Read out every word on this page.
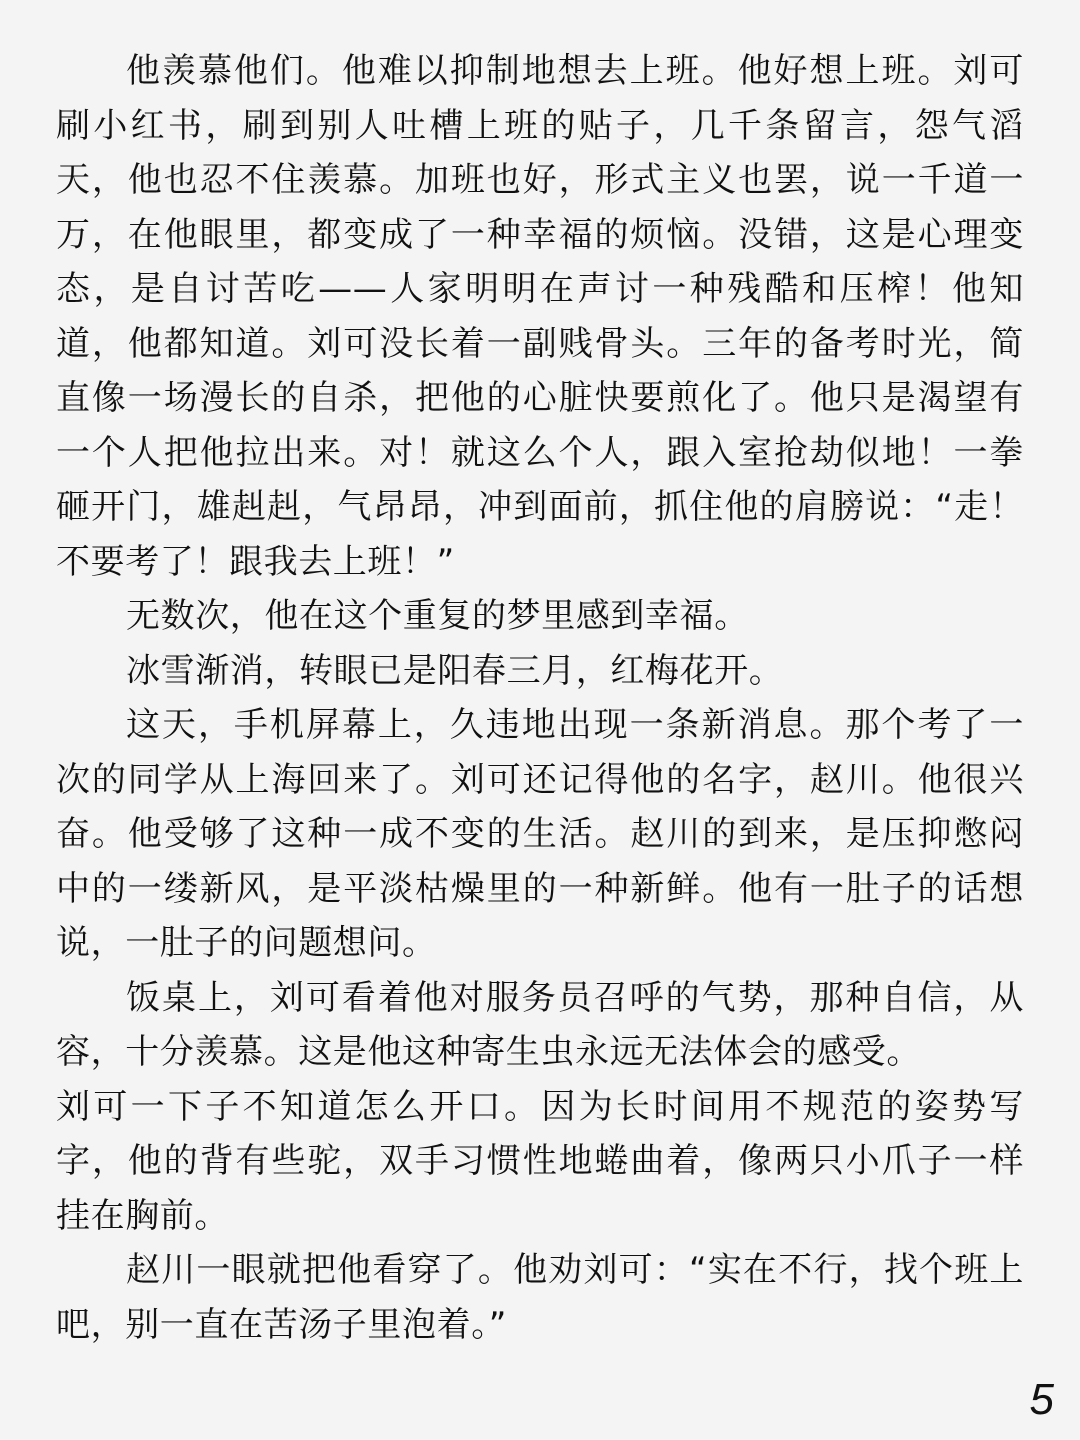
他羡慕他们。他难以抑制地想去上班。他好想上班。刘可刷小红书，刷到别人吐槽上班的贴子，几千条留言，怨气滔天，他也忍不住羡慕。加班也好，形式主义也罢，说一千道一万，在他眼里，都变成了一种幸福的烦恼。没错，这是心理变态，是自讨苦吃——人家明明在声讨一种残酷和压榨！他知道，他都知道。刘可没长着一副贱骨头。三年的备考时光，简直像一场漫长的自杀，把他的心脏快要煎化了。他只是渴望有一个人把他拉出来。对！就这么个人，跟入室抢劫似地！一拳砸开门，雄赳赳，气昂昂，冲到面前，抓住他的肩膀说：“走！不要考了！跟我去上班！”

无数次，他在这个重复的梦里感到幸福。

冰雪渐消，转眼已是阳春三月，红梅花开。

这天，手机屏幕上，久违地出现一条新消息。那个考了一次的同学从上海回来了。刘可还记得他的名字，赵川。他很兴奋。他受够了这种一成不变的生活。赵川的到来，是压抑憋闷中的一缕新风，是平淡枯燥里的一种新鲜。他有一肚子的话想说，一肚子的问题想问。

饭桌上，刘可看着他对服务员召呼的气势，那种自信，从容，十分羡慕。这是他这种寄生虫永远无法体会的感受。

刘可一下子不知道怎么开口。因为长时间用不规范的姿势写字，他的背有些驼，双手习惯性地蜷曲着，像两只小爪子一样挂在胸前。

赵川一眼就把他看穿了。他劝刘可：“实在不行，找个班上吧，别一直在苦汤子里泡着。”

5
